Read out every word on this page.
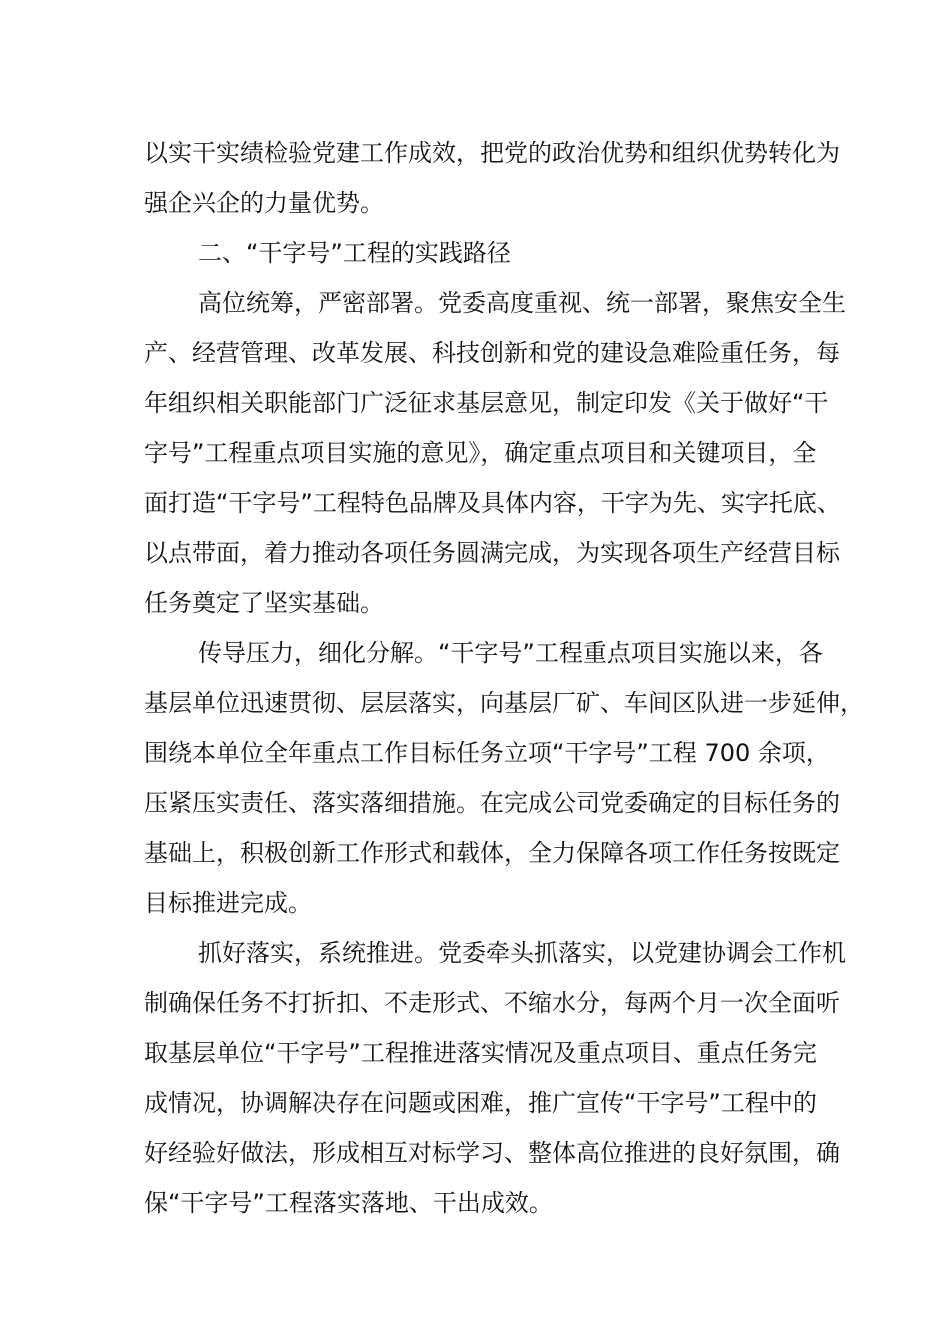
以实干实绩检验党建工作成效，把党的政治优势和组织优势转化为
强企兴企的力量优势。
二、“干字号”工程的实践路径
高位统筹，严密部署。党委高度重视、统一部署，聚焦安全生
产、经营管理、改革发展、科技创新和党的建设急难险重任务，每
年组织相关职能部门广泛征求基层意见，制定印发《关于做好“干
字号”工程重点项目实施的意见》，确定重点项目和关键项目，全
面打造“干字号”工程特色品牌及具体内容，干字为先、实字托底、
以点带面，着力推动各项任务圆满完成，为实现各项生产经营目标
任务奠定了坚实基础。
传导压力，细化分解。“干字号”工程重点项目实施以来，各
基层单位迅速贯彻、层层落实，向基层厂矿、车间区队进一步延伸，
围绕本单位全年重点工作目标任务立项“干字号”工程 700 余项，
压紧压实责任、落实落细措施。在完成公司党委确定的目标任务的
基础上，积极创新工作形式和载体，全力保障各项工作任务按既定
目标推进完成。
抓好落实，系统推进。党委牵头抓落实，以党建协调会工作机
制确保任务不打折扣、不走形式、不缩水分，每两个月一次全面听
取基层单位“干字号”工程推进落实情况及重点项目、重点任务完
成情况，协调解决存在问题或困难，推广宣传“干字号”工程中的
好经验好做法，形成相互对标学习、整体高位推进的良好氛围，确
保“干字号”工程落实落地、干出成效。
